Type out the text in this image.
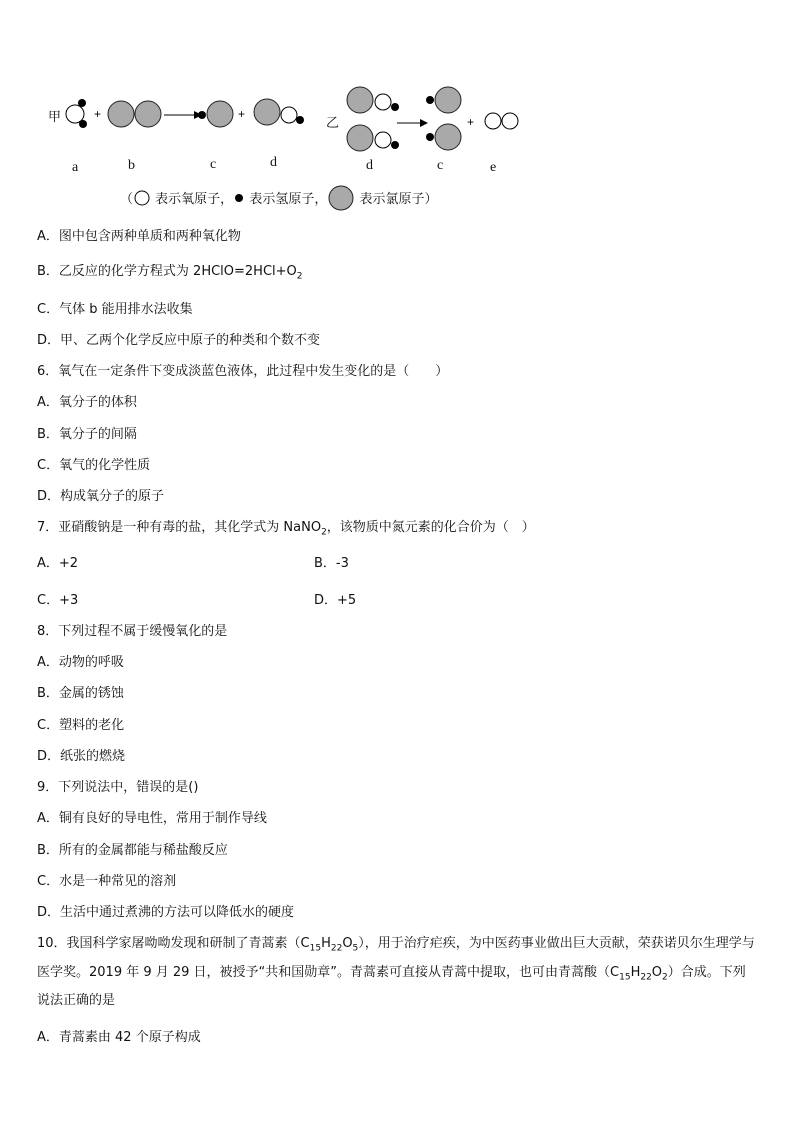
甲	+	+
+
乙
a	b	c	d	d	c	e
（ 表示氧原子， 表示氢原子， 表示氯原子）
A．图中包含两种单质和两种氧化物
B．乙反应的化学方程式为 $2HClO=2HCl+O_2$
C．气体 b 能用排水法收集
D．甲、乙两个化学反应中原子的种类和个数不变
6．氧气在一定条件下变成淡蓝色液体，此过程中发生变化的是（　　）
A．氧分子的体积
B．氧分子的间隔
C．氧气的化学性质
D．构成氧分子的原子
7．亚硝酸钠是一种有毒的盐，其化学式为 NaNO$_2$，该物质中氮元素的化合价为（　）
A．+2	B．-3
C．+3	D．+5
8．下列过程不属于缓慢氧化的是
A．动物的呼吸
B．金属的锈蚀
C．塑料的老化
D．纸张的燃烧
9．下列说法中，错误的是()
A．铜有良好的导电性，常用于制作导线
B．所有的金属都能与稀盐酸反应
C．水是一种常见的溶剂
D．生活中通过煮沸的方法可以降低水的硬度
10．我国科学家屠呦呦发现和研制了青蒿素$(C_{15}H_{22}O_5)$，用于治疗疟疾，为中医药事业做出巨大贡献，荣获诺贝尔生理学与医学奖。2019 年 9 月 29 日，被授予“共和国勋章”。青蒿素可直接从青蒿中提取，也可由青蒿酸$(C_{15}H_{22}O_2)$合成。下列说法正确的是
A．青蒿素由 42 个原子构成
